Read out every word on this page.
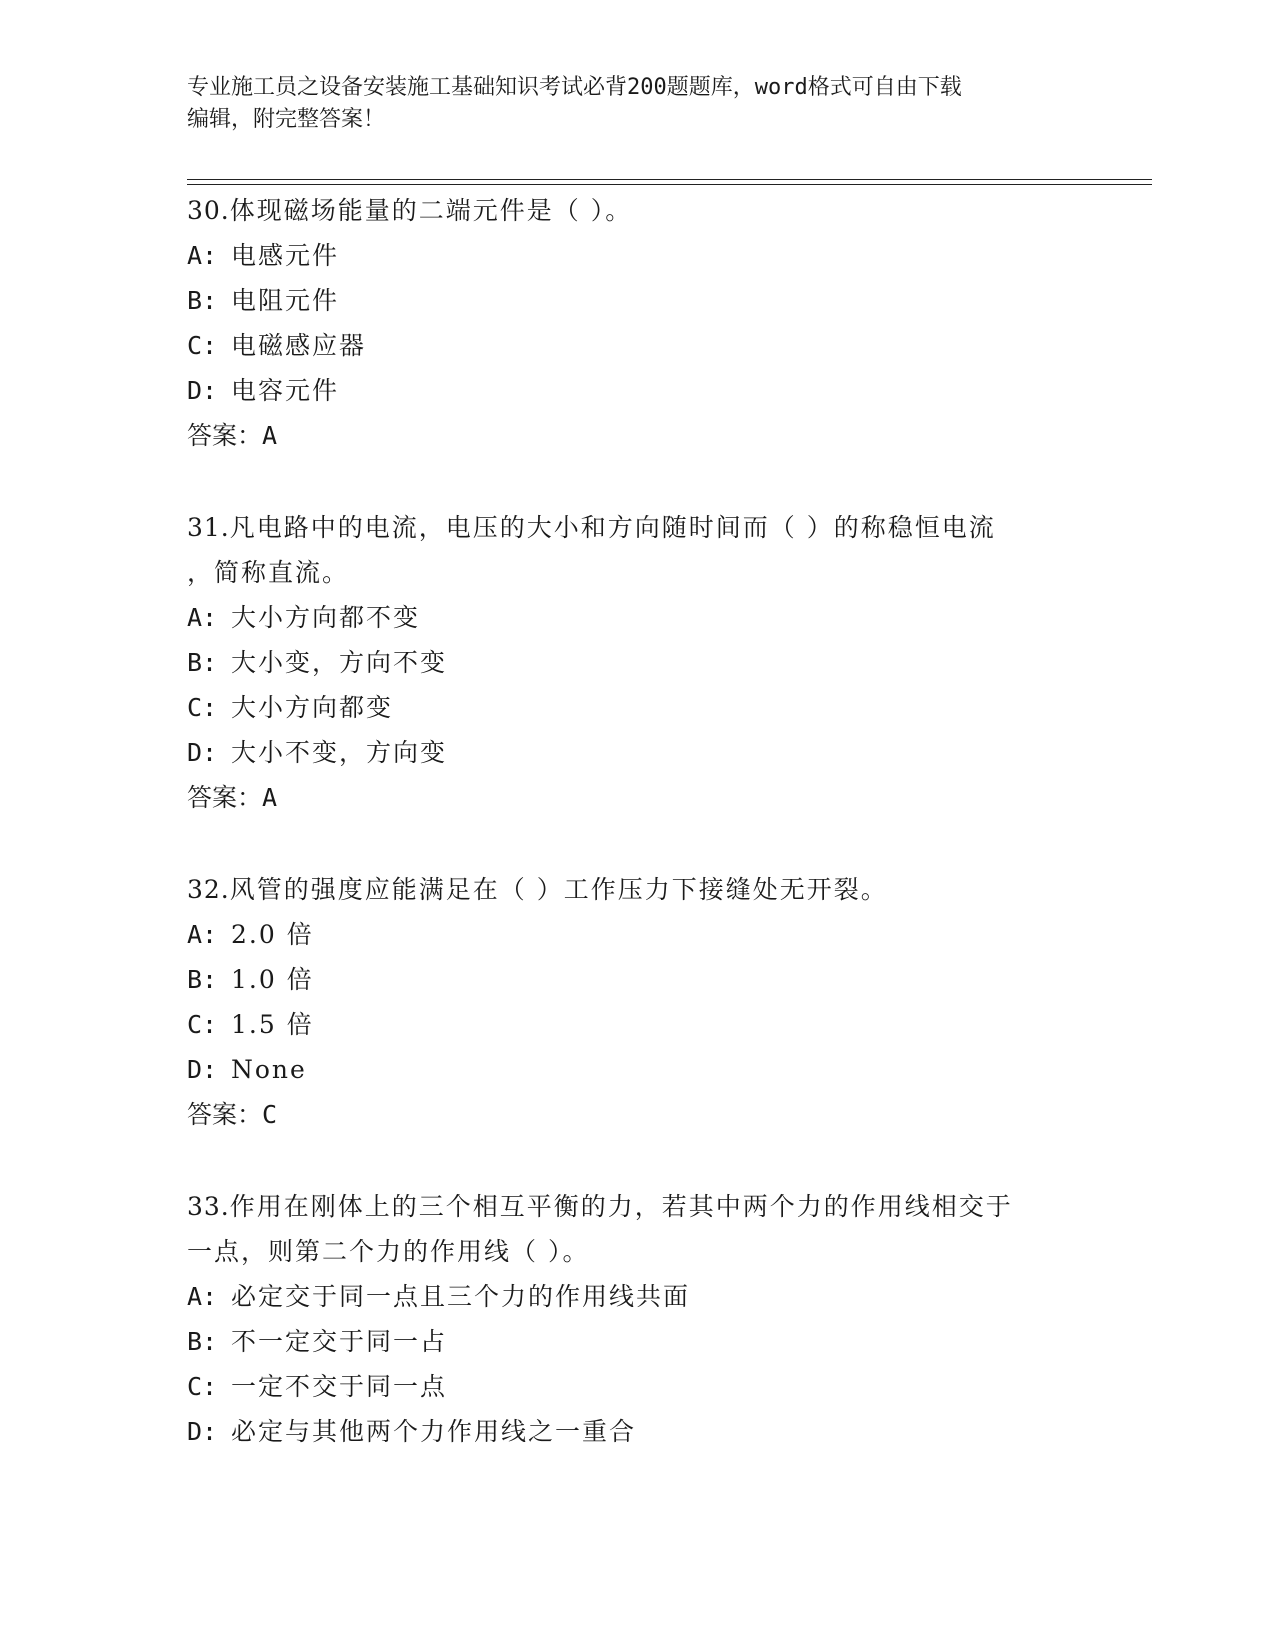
专业施工员之设备安装施工基础知识考试必背200题题库，word格式可自由下载
编辑，附完整答案！

30.体现磁场能量的二端元件是（ ）。

A: 电感元件

B: 电阻元件

C: 电磁感应器

D: 电容元件

答案：A

31.凡电路中的电流，电压的大小和方向随时间而（ ）的称稳恒电流

，简称直流。

A: 大小方向都不变

B: 大小变，方向不变

C: 大小方向都变

D: 大小不变，方向变

答案：A

32.风管的强度应能满足在（ ）工作压力下接缝处无开裂。

A: 2.0 倍

B: 1.0 倍

C: 1.5 倍

D: None

答案：C

33.作用在刚体上的三个相互平衡的力，若其中两个力的作用线相交于

一点，则第二个力的作用线（ ）。

A: 必定交于同一点且三个力的作用线共面

B: 不一定交于同一占

C: 一定不交于同一点

D: 必定与其他两个力作用线之一重合
